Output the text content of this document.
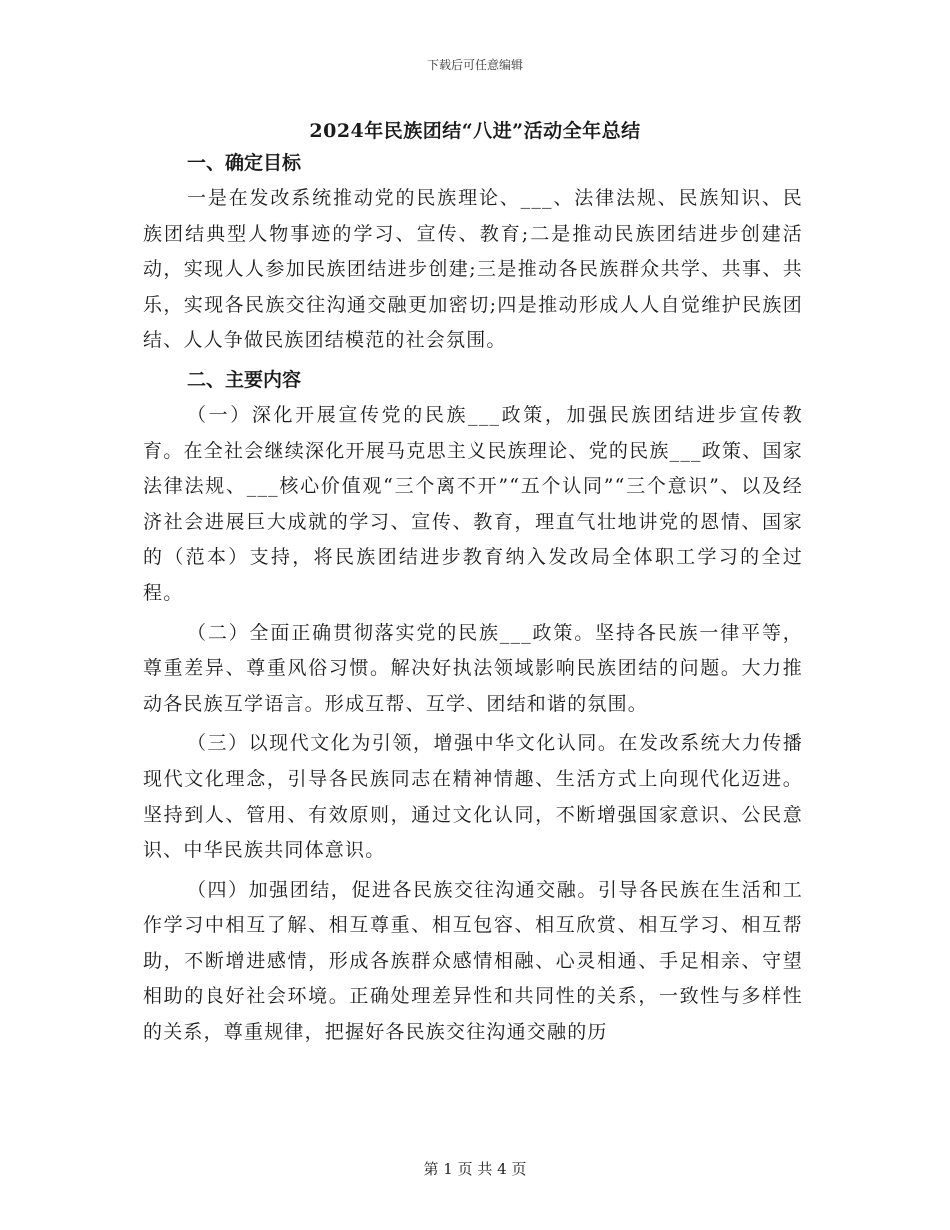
下载后可任意编辑
2024年民族团结“八进”活动全年总结
一、确定目标

一是在发改系统推动党的民族理论、___、法律法规、民族知识、民族团结典型人物事迹的学习、宣传、教育;二是推动民族团结进步创建活动，实现人人参加民族团结进步创建;三是推动各民族群众共学、共事、共乐，实现各民族交往沟通交融更加密切;四是推动形成人人自觉维护民族团结、人人争做民族团结模范的社会氛围。

二、主要内容

（一）深化开展宣传党的民族___政策，加强民族团结进步宣传教育。在全社会继续深化开展马克思主义民族理论、党的民族___政策、国家法律法规、___核心价值观“三个离不开”“五个认同”“三个意识”、以及经济社会进展巨大成就的学习、宣传、教育，理直气壮地讲党的恩情、国家的（范本）支持，将民族团结进步教育纳入发改局全体职工学习的全过程。

（二）全面正确贯彻落实党的民族___政策。坚持各民族一律平等，尊重差异、尊重风俗习惯。解决好执法领域影响民族团结的问题。大力推动各民族互学语言。形成互帮、互学、团结和谐的氛围。

（三）以现代文化为引领，增强中华文化认同。在发改系统大力传播现代文化理念，引导各民族同志在精神情趣、生活方式上向现代化迈进。坚持到人、管用、有效原则，通过文化认同，不断增强国家意识、公民意识、中华民族共同体意识。

（四）加强团结，促进各民族交往沟通交融。引导各民族在生活和工作学习中相互了解、相互尊重、相互包容、相互欣赏、相互学习、相互帮助，不断增进感情，形成各族群众感情相融、心灵相通、手足相亲、守望相助的良好社会环境。正确处理差异性和共同性的关系，一致性与多样性的关系，尊重规律，把握好各民族交往沟通交融的历

第 1 页 共 4 页
